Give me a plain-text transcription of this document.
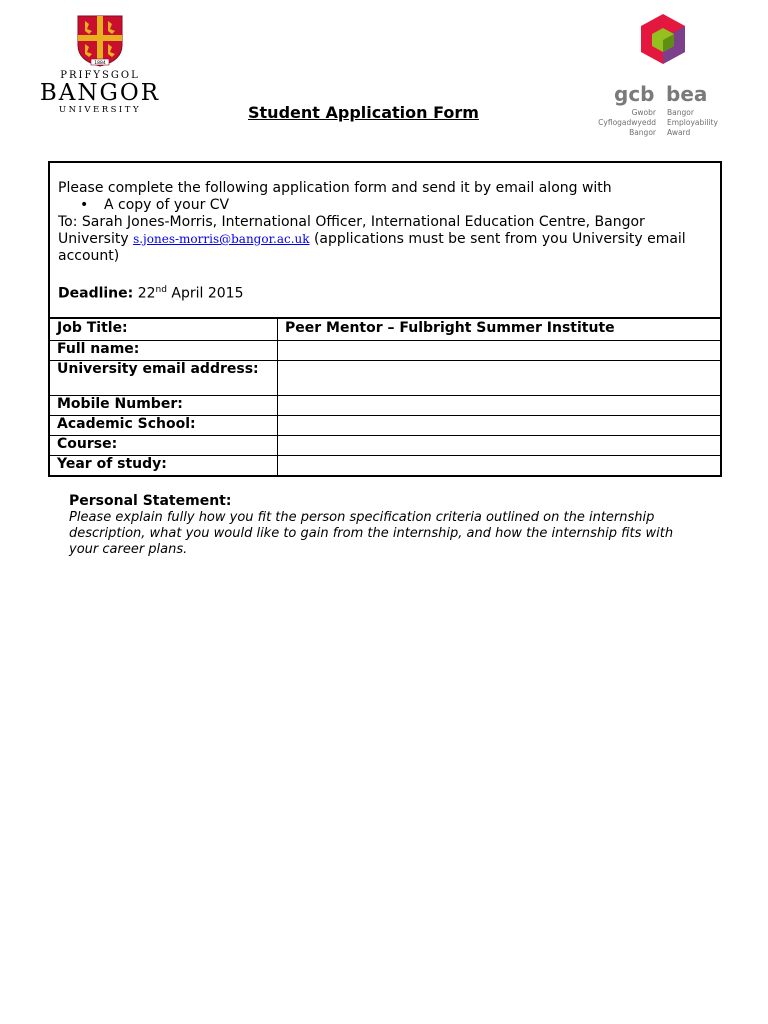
1884
PRIFYSGOL
BANGOR
UNIVERSITY	Student Application Form
gcb bea
Gwobr
Cyflogadwyedd
Bangor
Bangor
Employability
Award

Please complete the following application form and send it by email along with

• A copy of your CV

To: Sarah Jones-Morris, International Officer, International Education Centre, Bangor

University s.jones-morris@bangor.ac.uk (applications must be sent from you University email account)

Deadline: 22nd April 2015

Job Title:	Peer Mentor – Fulbright Summer Institute
Full name:	
University email address:	
Mobile Number:	
Academic School:	
Course:	
Year of study:	
Personal Statement:
Please explain fully how you fit the person specification criteria outlined on the internship description, what you would like to gain from the internship, and how the internship fits with your career plans.
